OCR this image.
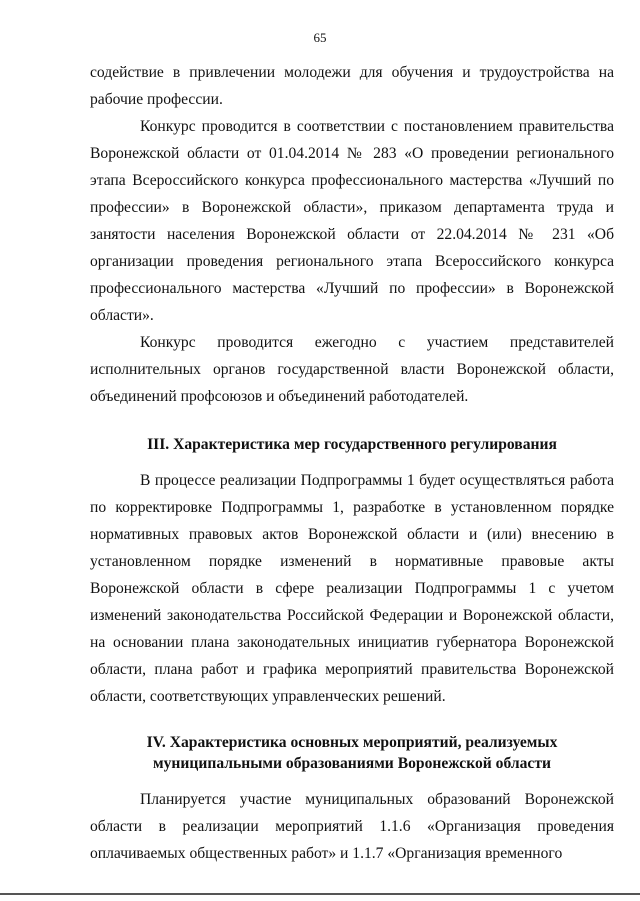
65

содействие в привлечении молодежи для обучения и трудоустройства на рабочие профессии.

Конкурс проводится в соответствии с постановлением правительства Воронежской области от 01.04.2014 № 283 «О проведении регионального этапа Всероссийского конкурса профессионального мастерства «Лучший по профессии» в Воронежской области», приказом департамента труда и занятости населения Воронежской области от 22.04.2014 № 231 «Об организации проведения регионального этапа Всероссийского конкурса профессионального мастерства «Лучший по профессии» в Воронежской области».

Конкурс проводится ежегодно с участием представителей исполнительных органов государственной власти Воронежской области, объединений профсоюзов и объединений работодателей.

III. Характеристика мер государственного регулирования

В процессе реализации Подпрограммы 1 будет осуществляться работа по корректировке Подпрограммы 1, разработке в установленном порядке нормативных правовых актов Воронежской области и (или) внесению в установленном порядке изменений в нормативные правовые акты Воронежской области в сфере реализации Подпрограммы 1 с учетом изменений законодательства Российской Федерации и Воронежской области, на основании плана законодательных инициатив губернатора Воронежской области, плана работ и графика мероприятий правительства Воронежской области, соответствующих управленческих решений.

IV. Характеристика основных мероприятий, реализуемых

муниципальными образованиями Воронежской области

Планируется участие муниципальных образований Воронежской области в реализации мероприятий 1.1.6 «Организация проведения оплачиваемых общественных работ» и 1.1.7 «Организация временного
